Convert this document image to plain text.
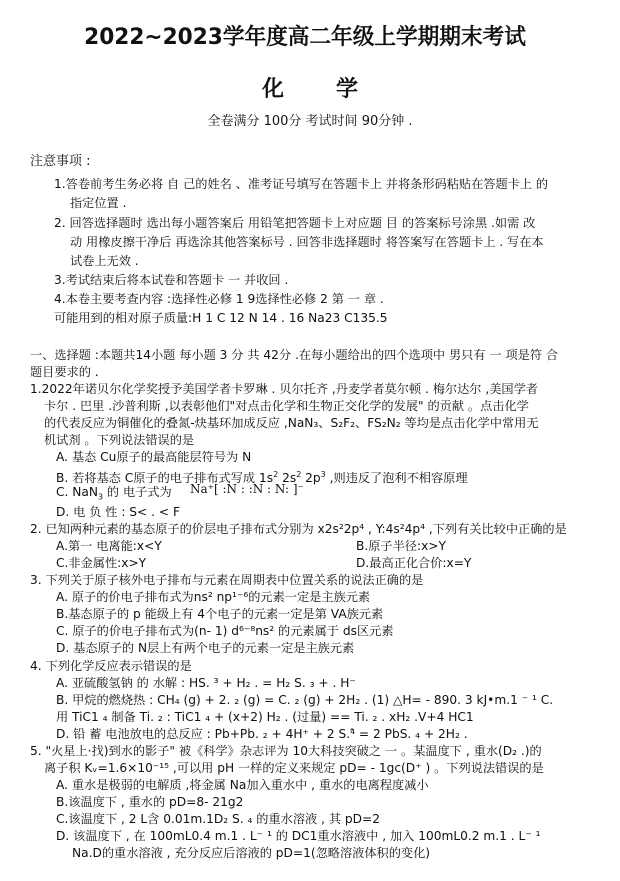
2022~2023学年度高二年级上学期期末考试
化 学
全卷满分 100分 考试时间 90分钟 .
注意事项 :
1.答卷前考生务必将 自 己的姓名 、准考证号填写在答题卡上 并将条形码粘贴在答题卡上 的
指定位置 .
2. 回答选择题时 选出每小题答案后 用铅笔把答题卡上对应题 目 的答案标号涂黑 .如需 改
动 用橡皮擦干净后 再选涂其他答案标号 . 回答非选择题时 将答案写在答题卡上 . 写在本
试卷上无效 .
3.考试结束后将本试卷和答题卡 一 并收回 .
4.本卷主要考查内容 :选择性必修 1 9选择性必修 2 第 一 章 .
可能用到的相对原子质量:H 1 C 12 N 14 . 16 Na23 C135.5
一、选择题 :本题共14小题 每小题 3 分 共 42分 .在每小题给出的四个选项中 男只有 一 项是符 合
题目要求的 .
1.2022年诺贝尔化学奖授予美国学者卡罗琳 . 贝尔托齐 ,丹麦学者莫尔顿 . 梅尔达尔 ,美国学者
卡尔 . 巴里 .沙普利斯 ,以表彰他们"对点击化学和生物正交化学的发展" 的贡献 。点击化学
的代表反应为铜催化的叠氮-炔基环加成反应 ,NaN₃、S₂F₂、FS₂N₂ 等均是点击化学中常用无
机试剂 。下列说法错误的是
A. 基态 Cu原子的最高能层符号为 N
B. 若将基态 C原子的电子排布式写成 $1s^2$ $2s^2$ $2p^3$ ,则违反了泡利不相容原理
C. NaN$_3$ 的 电子式为 Na⁺[ :N : :N : N: ]⁻
D. 电 负 性 : S< . < F
2. 已知两种元素的基态原子的价层电子排布式分别为 x2s²2p⁴ , Y:4s²4p⁴ ,下列有关比较中正确的是
A.第一 电离能:x<Y	B.原子半径:x>Y
C.非金属性:x>Y	D.最高正化合价:x=Y
3. 下列关于原子核外电子排布与元素在周期表中位置关系的说法正确的是
A. 原子的价电子排布式为ns² np¹⁻⁶的元素一定是主族元素
B.基态原子的 p 能级上有 4个电子的元素一定是第 VA族元素
C. 原子的价电子排布式为(n- 1) d⁶⁻⁸ns² 的元素属于 ds区元素
D. 基态原子的 N层上有两个电子的元素一定是主族元素
4. 下列化学反应表示错误的是
A. 亚硫酸氢钠 的 水解 : HS. ³ + H₂ . = H₂ S. ₃ + . H⁻
B. 甲烷的燃烧热 : CH₄ (g) + 2. ₂ (g) = C. ₂ (g) + 2H₂ . (1) △H= - 890. 3 kJ•m.1 ⁻ ¹ C.
用 TiC1 ₄ 制备 Ti. ₂ : TiC1 ₄ + (x+2) H₂ . (过量) == Ti. ₂ . xH₂ .V+4 HC1
D. 铅 蓄 电池放电的总反应 : Pb+Pb. ₂ + 4H⁺ + 2 S.⁴̂ = 2 PbS. ₄ + 2H₂ .
5. "火星上·找)到水的影子" 被《科学》杂志评为 10大科技突破之 一 。某温度下 , 重水(D₂ .)的
离子积 Kᵥ=1.6×10⁻¹⁵ ,可以用 pH 一样的定义来规定 pD= - 1gc(D⁺ ) 。下列说法错误的是
A. 重水是极弱的电解质 ,将金属 Na加入重水中 , 重水的电离程度减小
B.该温度下 , 重水的 pD=8- 21g2
C.该温度下 , 2 L含 0.01m.1D₂ S. ₄ 的重水溶液 , 其 pD=2
D. 该温度下 , 在 100mL0.4 m.1 . L⁻ ¹ 的 DC1重水溶液中 , 加入 100mL0.2 m.1 . L⁻ ¹
Na.D的重水溶液 , 充分反应后溶液的 pD=1(忽略溶液体积的变化)
